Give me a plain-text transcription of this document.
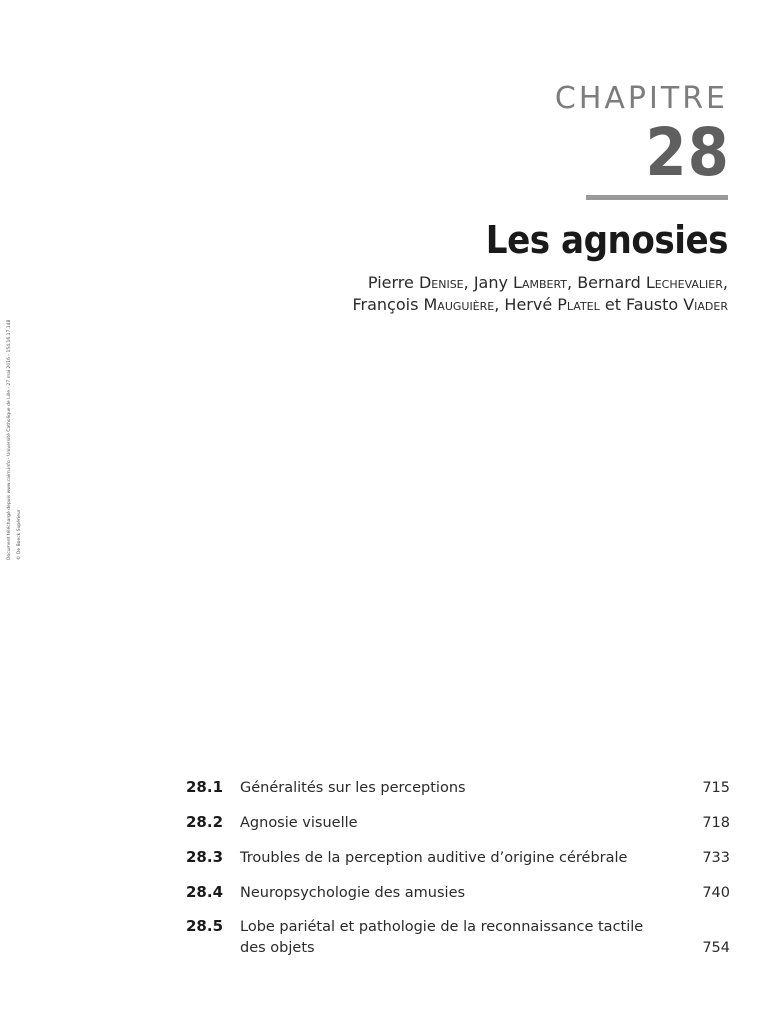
Document téléchargé depuis www.cairn.info - Université Catholique de Lille - 27 mai 2016 - 154.16.17.148 © De Boeck Supérieur
CHAPITRE
28
Les agnosies
Pierre Denise, Jany Lambert, Bernard Lechevalier,
François Mauguière, Hervé Platel et Fausto Viader
28.1 Généralités sur les perceptions	715
28.2 Agnosie visuelle	718
28.3 Troubles de la perception auditive d’origine cérébrale	733
28.4 Neuropsychologie des amusies	740
28.5 Lobe pariétal et pathologie de la reconnaissance tactile des objets	754
